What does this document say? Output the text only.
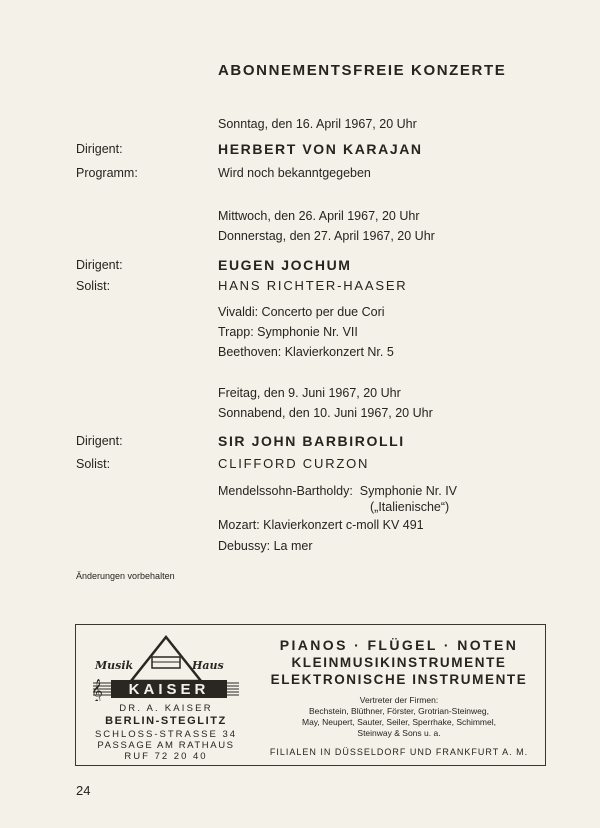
ABONNEMENTSFREIE KONZERTE
Sonntag, den 16. April 1967, 20 Uhr
Dirigent:	HERBERT VON KARAJAN
Programm:	Wird noch bekanntgegeben
Mittwoch, den 26. April 1967, 20 Uhr
Donnerstag, den 27. April 1967, 20 Uhr
Dirigent:	EUGEN JOCHUM
Solist:	HANS RICHTER-HAASER
Vivaldi: Concerto per due Cori
Trapp: Symphonie Nr. VII
Beethoven: Klavierkonzert Nr. 5
Freitag, den 9. Juni 1967, 20 Uhr
Sonnabend, den 10. Juni 1967, 20 Uhr
Dirigent:	SIR JOHN BARBIROLLI
Solist:	CLIFFORD CURZON
Mendelssohn-Bartholdy:  Symphonie Nr. IV
(„Italienische“)
Mozart: Klavierkonzert c-moll KV 491
Debussy: La mer
Änderungen vorbehalten
Musik	Haus
𝄞 KAISER
DR. A. KAISER
BERLIN-STEGLITZ
SCHLOSS-STRASSE 34
PASSAGE AM RATHAUS
RUF 72 20 40
PIANOS · FLÜGEL · NOTEN
KLEINMUSIKINSTRUMENTE
ELEKTRONISCHE INSTRUMENTE
Vertreter der Firmen:
Bechstein, Blüthner, Förster, Grotrian-Steinweg,
May, Neupert, Sauter, Seiler, Sperrhake, Schimmel,
Steinway & Sons u. a.
FILIALEN IN DÜSSELDORF UND FRANKFURT A. M.
24
